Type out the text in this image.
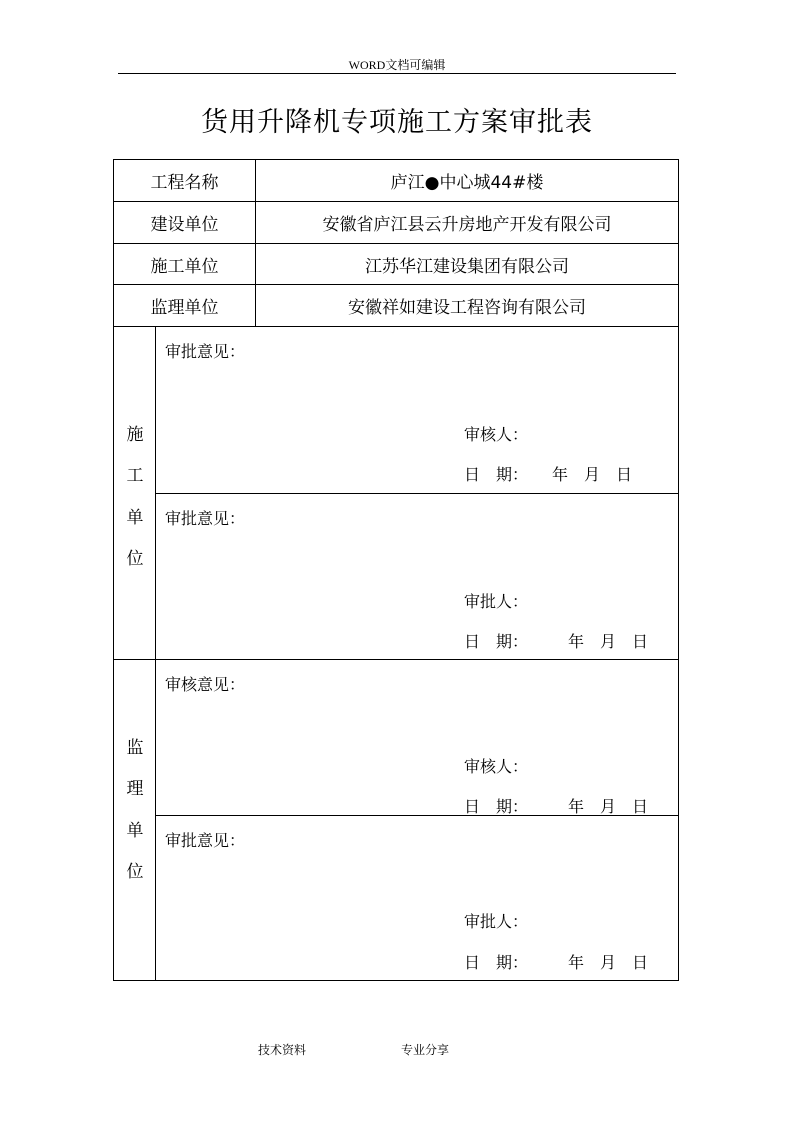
WORD文档可编辑
货用升降机专项施工方案审批表
工程名称	庐江●中心城44#楼
建设单位	安徽省庐江县云升房地产开发有限公司
施工单位	江苏华江建设集团有限公司
监理单位	安徽祥如建设工程咨询有限公司
施
工
单
位
审批意见：
审核人：
日　期：　　年　月　日
审批意见：
审批人：
日　期：　　　年　月　日
监
理
单
位
审核意见：
审核人：
日　期：　　　年　月　日
审批意见：
审批人：
日　期：　　　年　月　日
技术资料	专业分享
